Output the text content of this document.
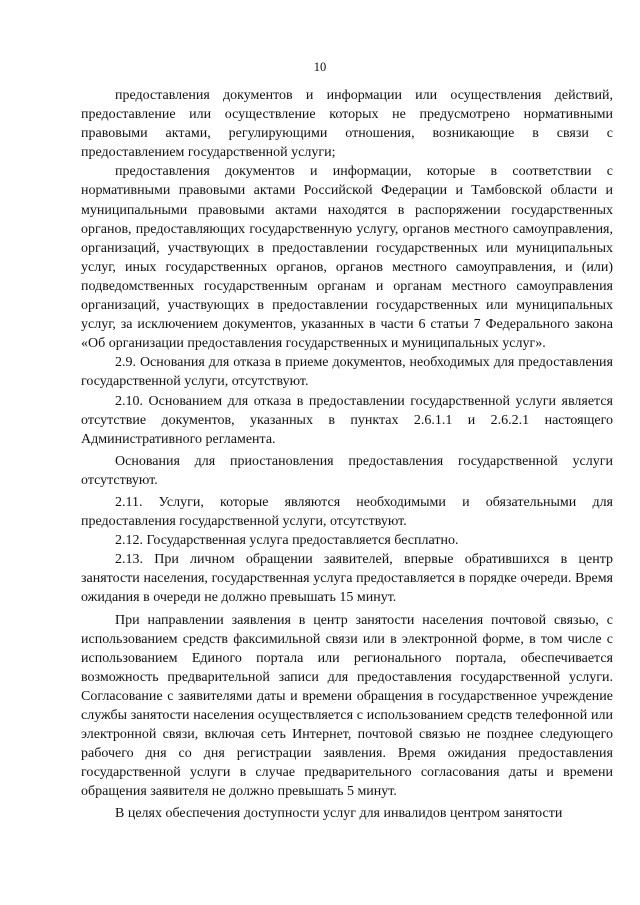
10

предоставления документов и информации или осуществления действий, предоставление или осуществление которых не предусмотрено нормативными правовыми актами, регулирующими отношения, возникающие в связи с предоставлением государственной услуги;

предоставления документов и информации, которые в соответствии с нормативными правовыми актами Российской Федерации и Тамбовской области и муниципальными правовыми актами находятся в распоряжении государственных органов, предоставляющих государственную услугу, органов местного самоуправления, организаций, участвующих в предоставлении государственных или муниципальных услуг, иных государственных органов, органов местного самоуправления, и (или) подведомственных государственным органам и органам местного самоуправления организаций, участвующих в предоставлении государственных или муниципальных услуг, за исключением документов, указанных в части 6 статьи 7 Федерального закона «Об организации предоставления государственных и муниципальных услуг».

2.9. Основания для отказа в приеме документов, необходимых для предоставления государственной услуги, отсутствуют.

2.10. Основанием для отказа в предоставлении государственной услуги является отсутствие документов, указанных в пунктах 2.6.1.1 и 2.6.2.1 настоящего Административного регламента.

Основания для приостановления предоставления государственной услуги отсутствуют.

2.11. Услуги, которые являются необходимыми и обязательными для предоставления государственной услуги, отсутствуют.

2.12. Государственная услуга предоставляется бесплатно.

2.13. При личном обращении заявителей, впервые обратившихся в центр занятости населения, государственная услуга предоставляется в порядке очереди. Время ожидания в очереди не должно превышать 15 минут.

При направлении заявления в центр занятости населения почтовой связью, с использованием средств факсимильной связи или в электронной форме, в том числе с использованием Единого портала или регионального портала, обеспечивается возможность предварительной записи для предоставления государственной услуги. Согласование с заявителями даты и времени обращения в государственное учреждение службы занятости населения осуществляется с использованием средств телефонной или электронной связи, включая сеть Интернет, почтовой связью не позднее следующего рабочего дня со дня регистрации заявления. Время ожидания предоставления государственной услуги в случае предварительного согласования даты и времени обращения заявителя не должно превышать 5 минут.

В целях обеспечения доступности услуг для инвалидов центром занятости
